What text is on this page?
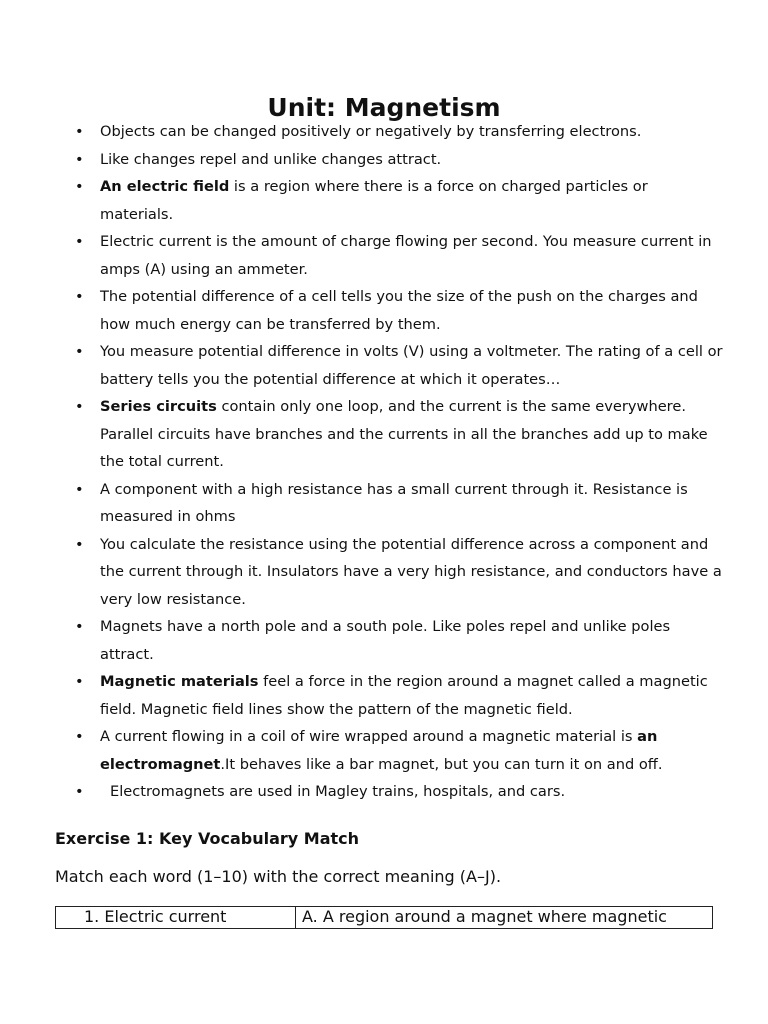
Unit: Magnetism
•	Objects can be changed positively or negatively by transferring electrons.
•	Like changes repel and unlike changes attract.
•	An electric field is a region where there is a force on charged particles or materials.
•	Electric current is the amount of charge flowing per second. You measure current in amps (A) using an ammeter.
•	The potential difference of a cell tells you the size of the push on the charges and how much energy can be transferred by them.
•	You measure potential difference in volts (V) using a voltmeter. The rating of a cell or battery tells you the potential difference at which it operates…
•	Series circuits contain only one loop, and the current is the same everywhere. Parallel circuits have branches and the currents in all the branches add up to make the total current.
•	A component with a high resistance has a small current through it. Resistance is measured in ohms
•	You calculate the resistance using the potential difference across a component and the current through it. Insulators have a very high resistance, and conductors have a very low resistance.
•	Magnets have a north pole and a south pole. Like poles repel and unlike poles attract.
•	Magnetic materials feel a force in the region around a magnet called a magnetic field. Magnetic field lines show the pattern of the magnetic field.
•	A current flowing in a coil of wire wrapped around a magnetic material is an electromagnet.It behaves like a bar magnet, but you can turn it on and off.
•	Electromagnets are used in Magley trains, hospitals, and cars.
Exercise 1: Key Vocabulary Match
Match each word (1–10) with the correct meaning (A–J).
1. Electric current	A. A region around a magnet where magnetic
